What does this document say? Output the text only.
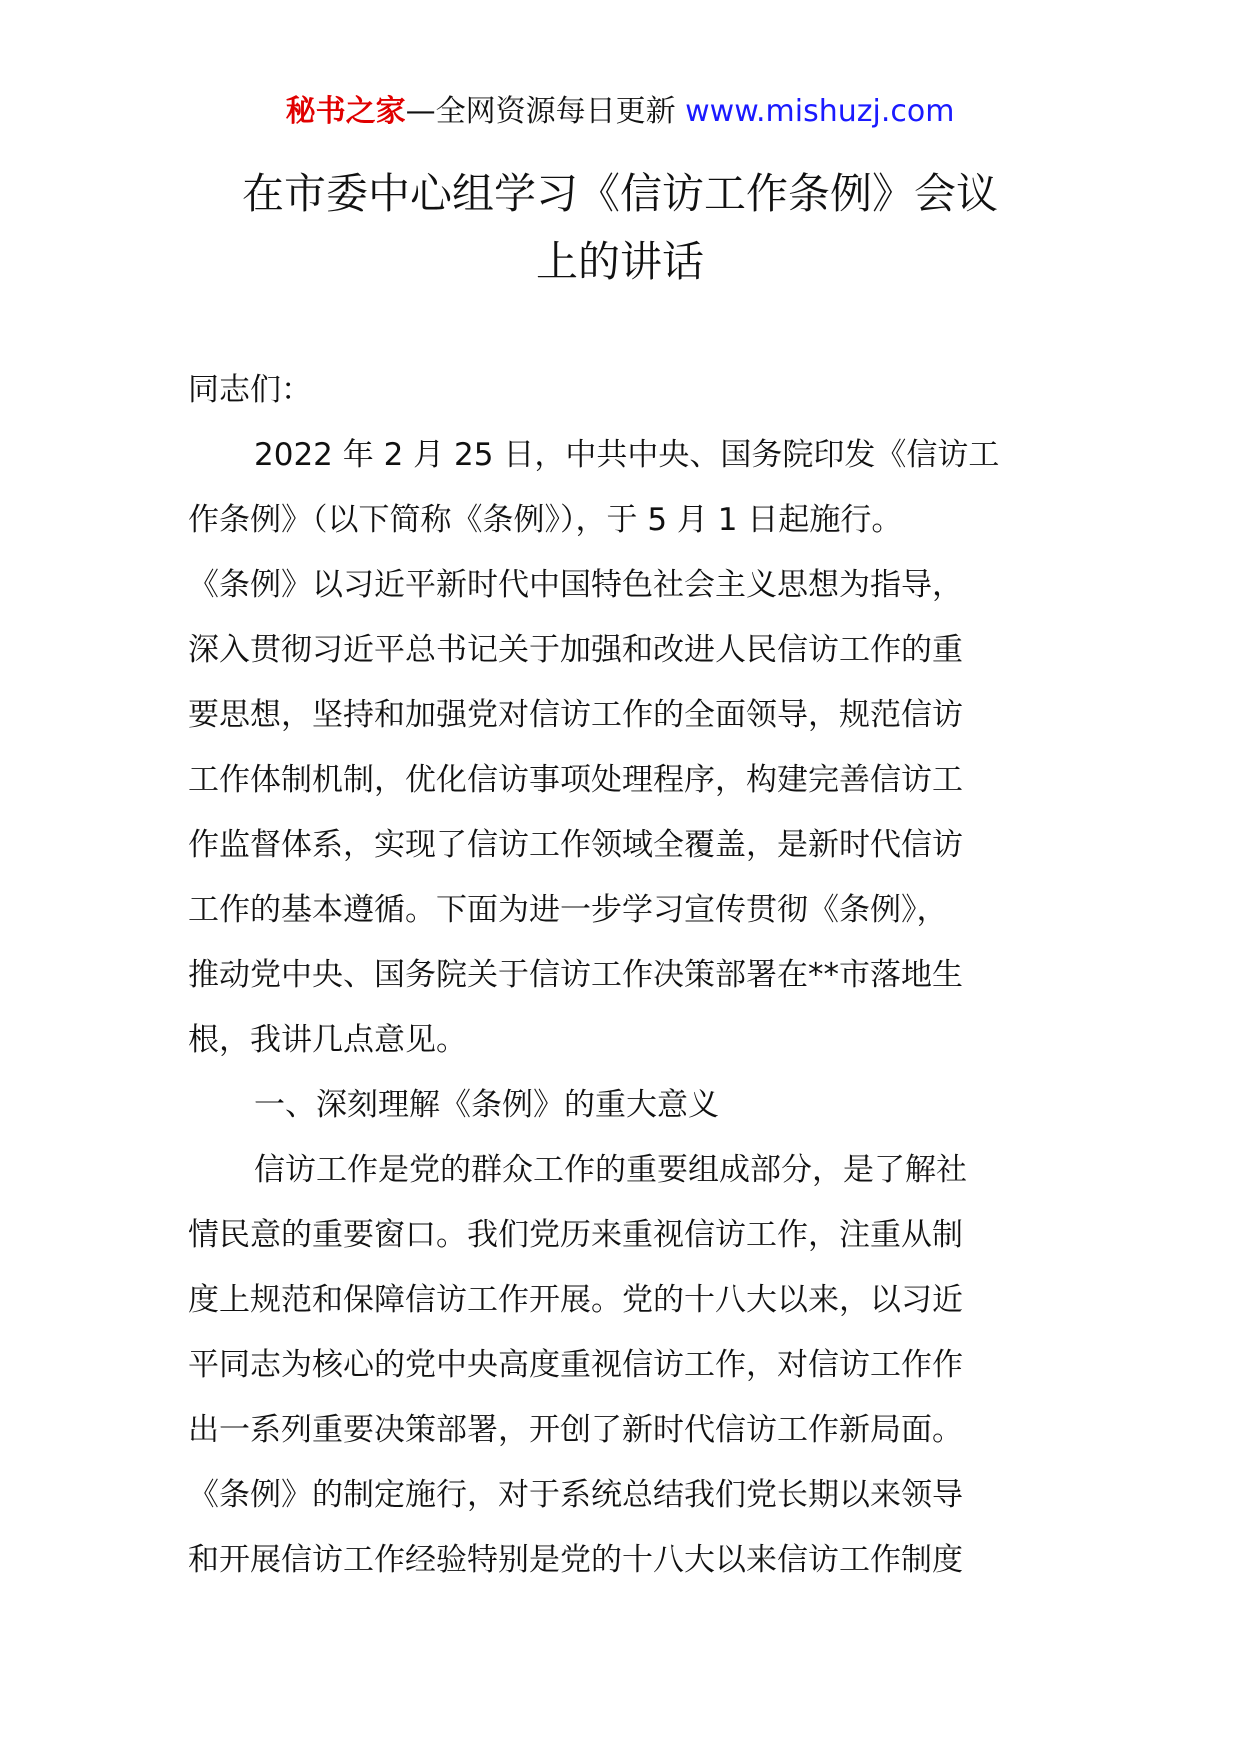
秘书之家—全网资源每日更新 www.mishuzj.com
在市委中心组学习《信访工作条例》会议
上的讲话
同志们：
2022 年 2 月 25 日，中共中央、国务院印发《信访工
作条例》（以下简称《条例》），于 5 月 1 日起施行。
《条例》以习近平新时代中国特色社会主义思想为指导，
深入贯彻习近平总书记关于加强和改进人民信访工作的重
要思想，坚持和加强党对信访工作的全面领导，规范信访
工作体制机制，优化信访事项处理程序，构建完善信访工
作监督体系，实现了信访工作领域全覆盖，是新时代信访
工作的基本遵循。下面为进一步学习宣传贯彻《条例》，
推动党中央、国务院关于信访工作决策部署在**市落地生
根，我讲几点意见。
一、深刻理解《条例》的重大意义
信访工作是党的群众工作的重要组成部分，是了解社
情民意的重要窗口。我们党历来重视信访工作，注重从制
度上规范和保障信访工作开展。党的十八大以来，以习近
平同志为核心的党中央高度重视信访工作，对信访工作作
出一系列重要决策部署，开创了新时代信访工作新局面。
《条例》的制定施行，对于系统总结我们党长期以来领导
和开展信访工作经验特别是党的十八大以来信访工作制度
